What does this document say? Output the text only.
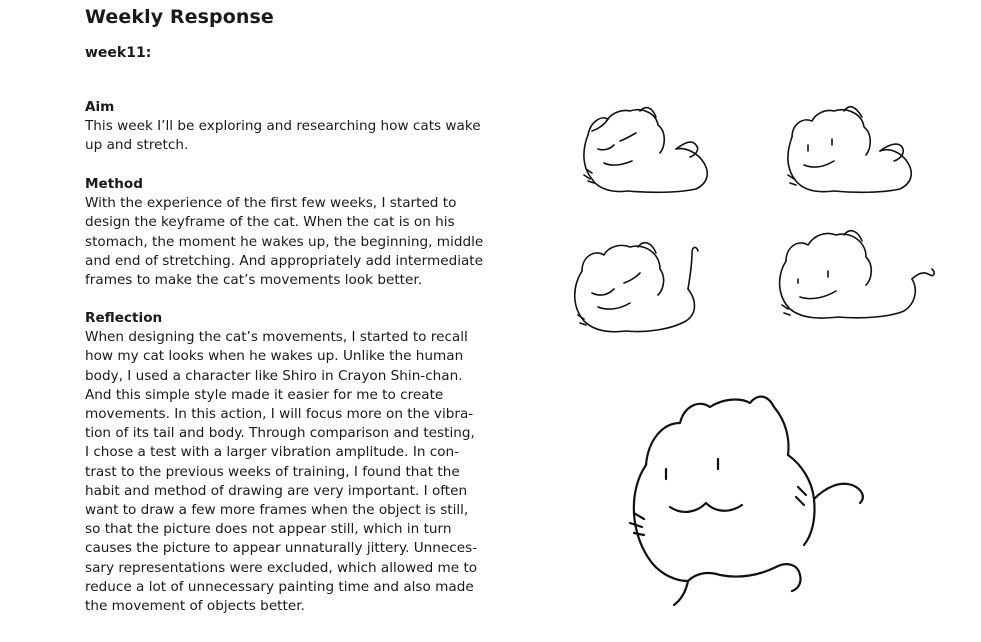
Weekly Response
week11:
Aim
This week I’ll be exploring and researching how cats wake up and stretch.
Method
With the experience of the first few weeks, I started to design the keyframe of the cat. When the cat is on his stomach, the moment he wakes up, the beginning, middle and end of stretching. And appropriately add intermediate frames to make the cat’s movements look better.
Reflection
When designing the cat’s movements, I started to recall
how my cat looks when he wakes up. Unlike the human
body, I used a character like Shiro in Crayon Shin-chan.
And this simple style made it easier for me to create
movements. In this action, I will focus more on the vibra-
tion of its tail and body. Through comparison and testing,
I chose a test with a larger vibration amplitude. In con-
trast to the previous weeks of training, I found that the
habit and method of drawing are very important. I often
want to draw a few more frames when the object is still,
so that the picture does not appear still, which in turn
causes the picture to appear unnaturally jittery. Unneces-
sary representations were excluded, which allowed me to
reduce a lot of unnecessary painting time and also made
the movement of objects better.
